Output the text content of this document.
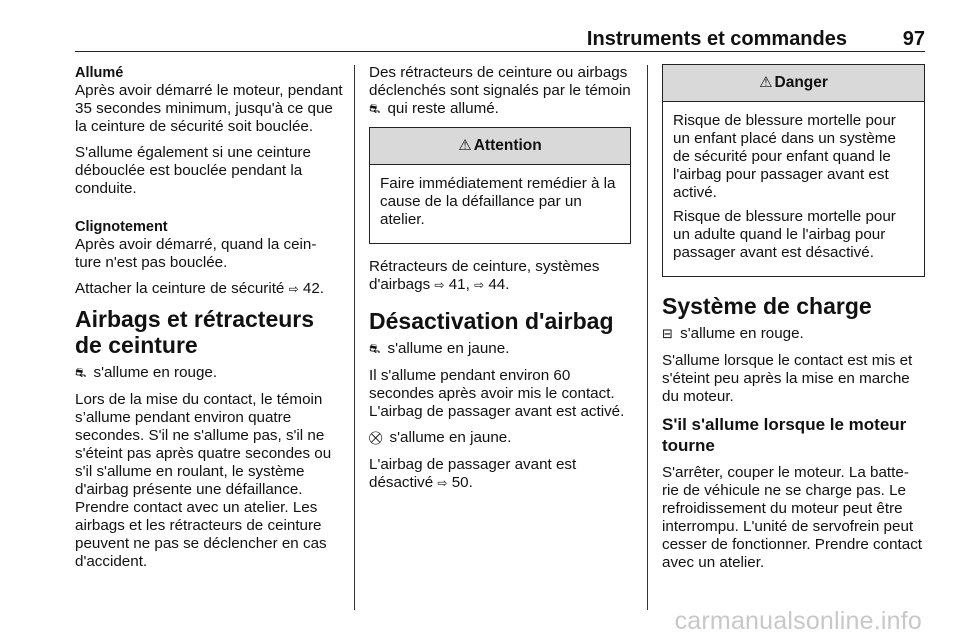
Instruments et commandes	97
Allumé

Après avoir démarré le moteur, pendant 35 secondes minimum, jusqu'à ce que la ceinture de sécurité soit bouclée.

S'allume également si une ceinture débouclée est bouclée pendant la conduite.

Clignotement

Après avoir démarré, quand la cein- ture n'est pas bouclée.

Attacher la ceinture de sécurité ⇨ 42.

Airbags et rétracteurs de ceinture

⛐ s'allume en rouge.

Lors de la mise du contact, le témoin s’allume pendant environ quatre secondes. S'il ne s'allume pas, s'il ne s'éteint pas après quatre secondes ou s'il s'allume en roulant, le système d'airbag présente une défaillance. Prendre contact avec un atelier. Les airbags et les rétracteurs de ceinture peuvent ne pas se déclencher en cas d'accident.

Des rétracteurs de ceinture ou airbags déclenchés sont signalés par le témoin ⛐ qui reste allumé.

⚠ Attention

Faire immédiatement remédier à la cause de la défaillance par un atelier.

Rétracteurs de ceinture, systèmes d'airbags ⇨ 41, ⇨ 44.

Désactivation d'airbag

⛐ s'allume en jaune.

Il s'allume pendant environ 60 secondes après avoir mis le contact. L'airbag de passager avant est activé.

⛒ s'allume en jaune.

L'airbag de passager avant est désactivé ⇨ 50.

⚠ Danger

Risque de blessure mortelle pour un enfant placé dans un système de sécurité pour enfant quand le l'airbag pour passager avant est activé.

Risque de blessure mortelle pour un adulte quand le l'airbag pour passager avant est désactivé.

Système de charge

⊟ s'allume en rouge.

S'allume lorsque le contact est mis et s'éteint peu après la mise en marche du moteur.

S'il s'allume lorsque le moteur tourne

S'arrêter, couper le moteur. La batte- rie de véhicule ne se charge pas. Le refroidissement du moteur peut être interrompu. L'unité de servofrein peut cesser de fonctionner. Prendre contact avec un atelier.

carmanualsonline.info
